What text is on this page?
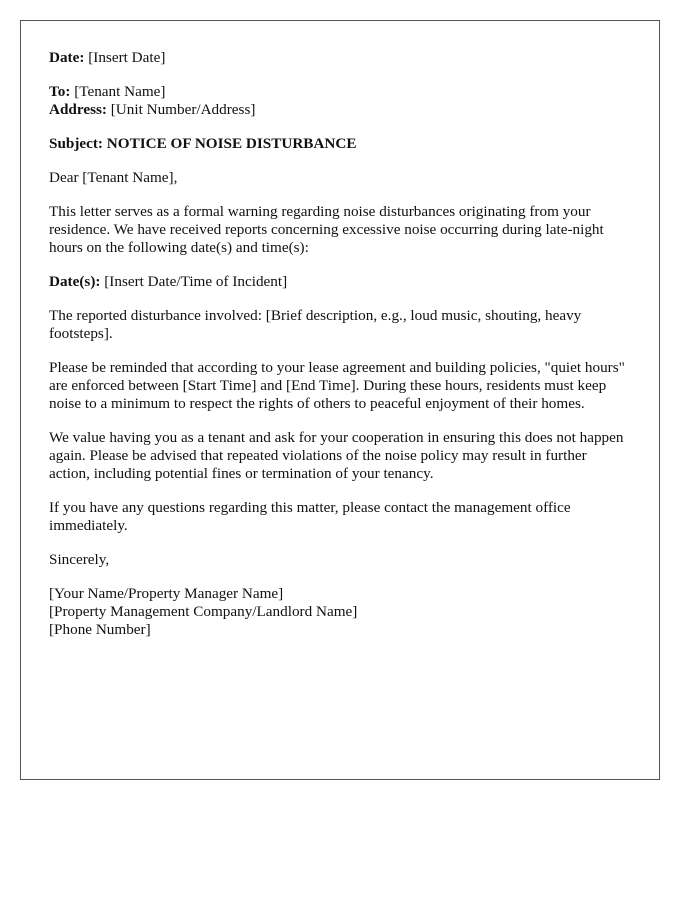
Date: [Insert Date]

To: [Tenant Name]
Address: [Unit Number/Address]

Subject: NOTICE OF NOISE DISTURBANCE

Dear [Tenant Name],

This letter serves as a formal warning regarding noise disturbances originating from your residence. We have received reports concerning excessive noise occurring during late-night hours on the following date(s) and time(s):

Date(s): [Insert Date/Time of Incident]

The reported disturbance involved: [Brief description, e.g., loud music, shouting, heavy footsteps].

Please be reminded that according to your lease agreement and building policies, "quiet hours" are enforced between [Start Time] and [End Time]. During these hours, residents must keep noise to a minimum to respect the rights of others to peaceful enjoyment of their homes.

We value having you as a tenant and ask for your cooperation in ensuring this does not happen again. Please be advised that repeated violations of the noise policy may result in further action, including potential fines or termination of your tenancy.

If you have any questions regarding this matter, please contact the management office immediately.

Sincerely,

[Your Name/Property Manager Name]
[Property Management Company/Landlord Name]
[Phone Number]
